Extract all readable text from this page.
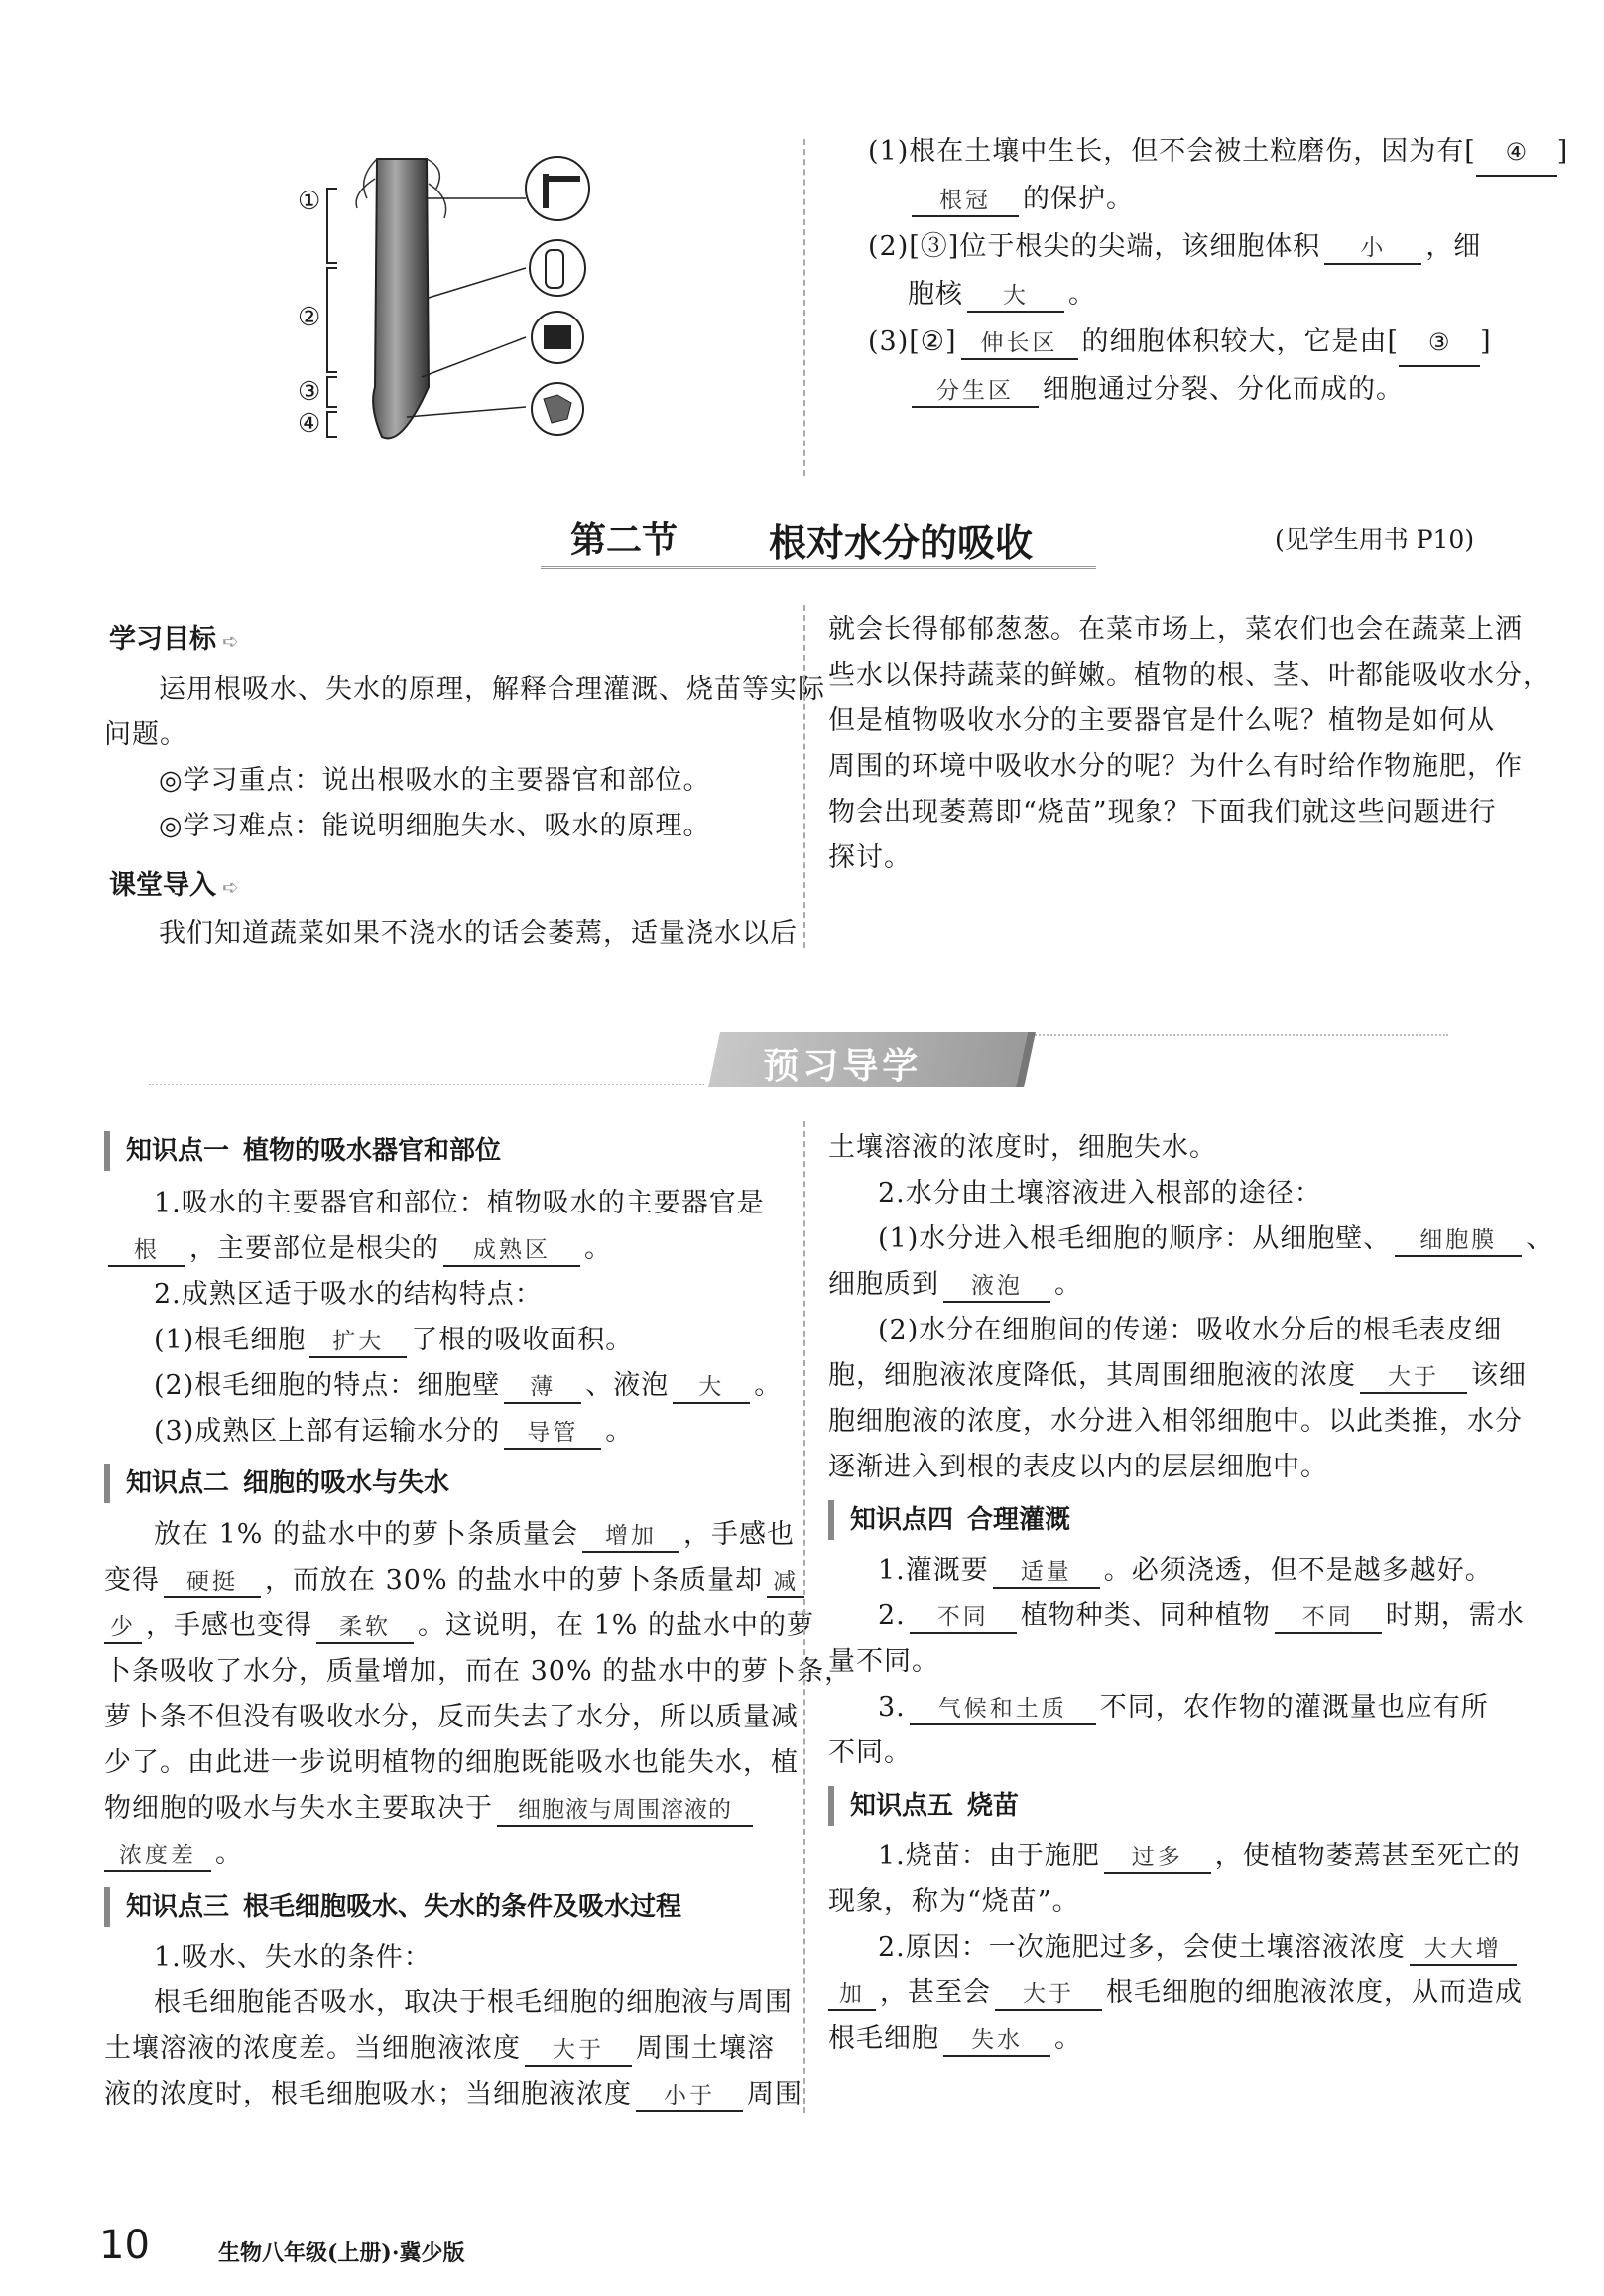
①
②
③
④
(1)根在土壤中生长，但不会被土粒磨伤，因为有[ ④ ]
根冠 的保护。
(2)[③]位于根尖的尖端，该细胞体积 小 ，细
胞核 大 。
(3)[②] 伸长区 的细胞体积较大，它是由[ ③ ]
分生区 细胞通过分裂、分化而成的。
第二节 根对水分的吸收	(见学生用书 P10)
学习目标 ➪
运用根吸水、失水的原理，解释合理灌溉、烧苗等实际
问题。
◎学习重点：说出根吸水的主要器官和部位。
◎学习难点：能说明细胞失水、吸水的原理。
课堂导入 ➪
我们知道蔬菜如果不浇水的话会萎蔫，适量浇水以后
就会长得郁郁葱葱。在菜市场上，菜农们也会在蔬菜上洒
些水以保持蔬菜的鲜嫩。植物的根、茎、叶都能吸收水分，
但是植物吸收水分的主要器官是什么呢？植物是如何从
周围的环境中吸收水分的呢？为什么有时给作物施肥，作
物会出现萎蔫即“烧苗”现象？下面我们就这些问题进行
探讨。
预习导学
知识点一 植物的吸水器官和部位
1.吸水的主要器官和部位：植物吸水的主要器官是
根 ，主要部位是根尖的 成熟区 。
2.成熟区适于吸水的结构特点：
(1)根毛细胞 扩大 了根的吸收面积。
(2)根毛细胞的特点：细胞壁 薄 、液泡 大 。
(3)成熟区上部有运输水分的 导管 。
知识点二 细胞的吸水与失水
放在 1% 的盐水中的萝卜条质量会 增加 ，手感也
变得 硬挺 ，而放在 30% 的盐水中的萝卜条质量却 减
少 ，手感也变得 柔软 。这说明，在 1% 的盐水中的萝
卜条吸收了水分，质量增加，而在 30% 的盐水中的萝卜条，
萝卜条不但没有吸收水分，反而失去了水分，所以质量减
少了。由此进一步说明植物的细胞既能吸水也能失水，植
物细胞的吸水与失水主要取决于 细胞液与周围溶液的
浓度差 。
知识点三 根毛细胞吸水、失水的条件及吸水过程
1.吸水、失水的条件：
根毛细胞能否吸水，取决于根毛细胞的细胞液与周围
土壤溶液的浓度差。当细胞液浓度 大于 周围土壤溶
液的浓度时，根毛细胞吸水；当细胞液浓度 小于 周围
土壤溶液的浓度时，细胞失水。
2.水分由土壤溶液进入根部的途径：
(1)水分进入根毛细胞的顺序：从细胞壁、 细胞膜 、
细胞质到 液泡 。
(2)水分在细胞间的传递：吸收水分后的根毛表皮细
胞，细胞液浓度降低，其周围细胞液的浓度 大于 该细
胞细胞液的浓度，水分进入相邻细胞中。以此类推，水分
逐渐进入到根的表皮以内的层层细胞中。
知识点四 合理灌溉
1.灌溉要 适量 。必须浇透，但不是越多越好。
2. 不同 植物种类、同种植物 不同 时期，需水
量不同。
3. 气候和土质 不同，农作物的灌溉量也应有所
不同。
知识点五 烧苗
1.烧苗：由于施肥 过多 ，使植物萎蔫甚至死亡的
现象，称为“烧苗”。
2.原因：一次施肥过多，会使土壤溶液浓度 大大增
加 ，甚至会 大于 根毛细胞的细胞液浓度，从而造成
根毛细胞 失水 。
10	生物八年级(上册)·冀少版
